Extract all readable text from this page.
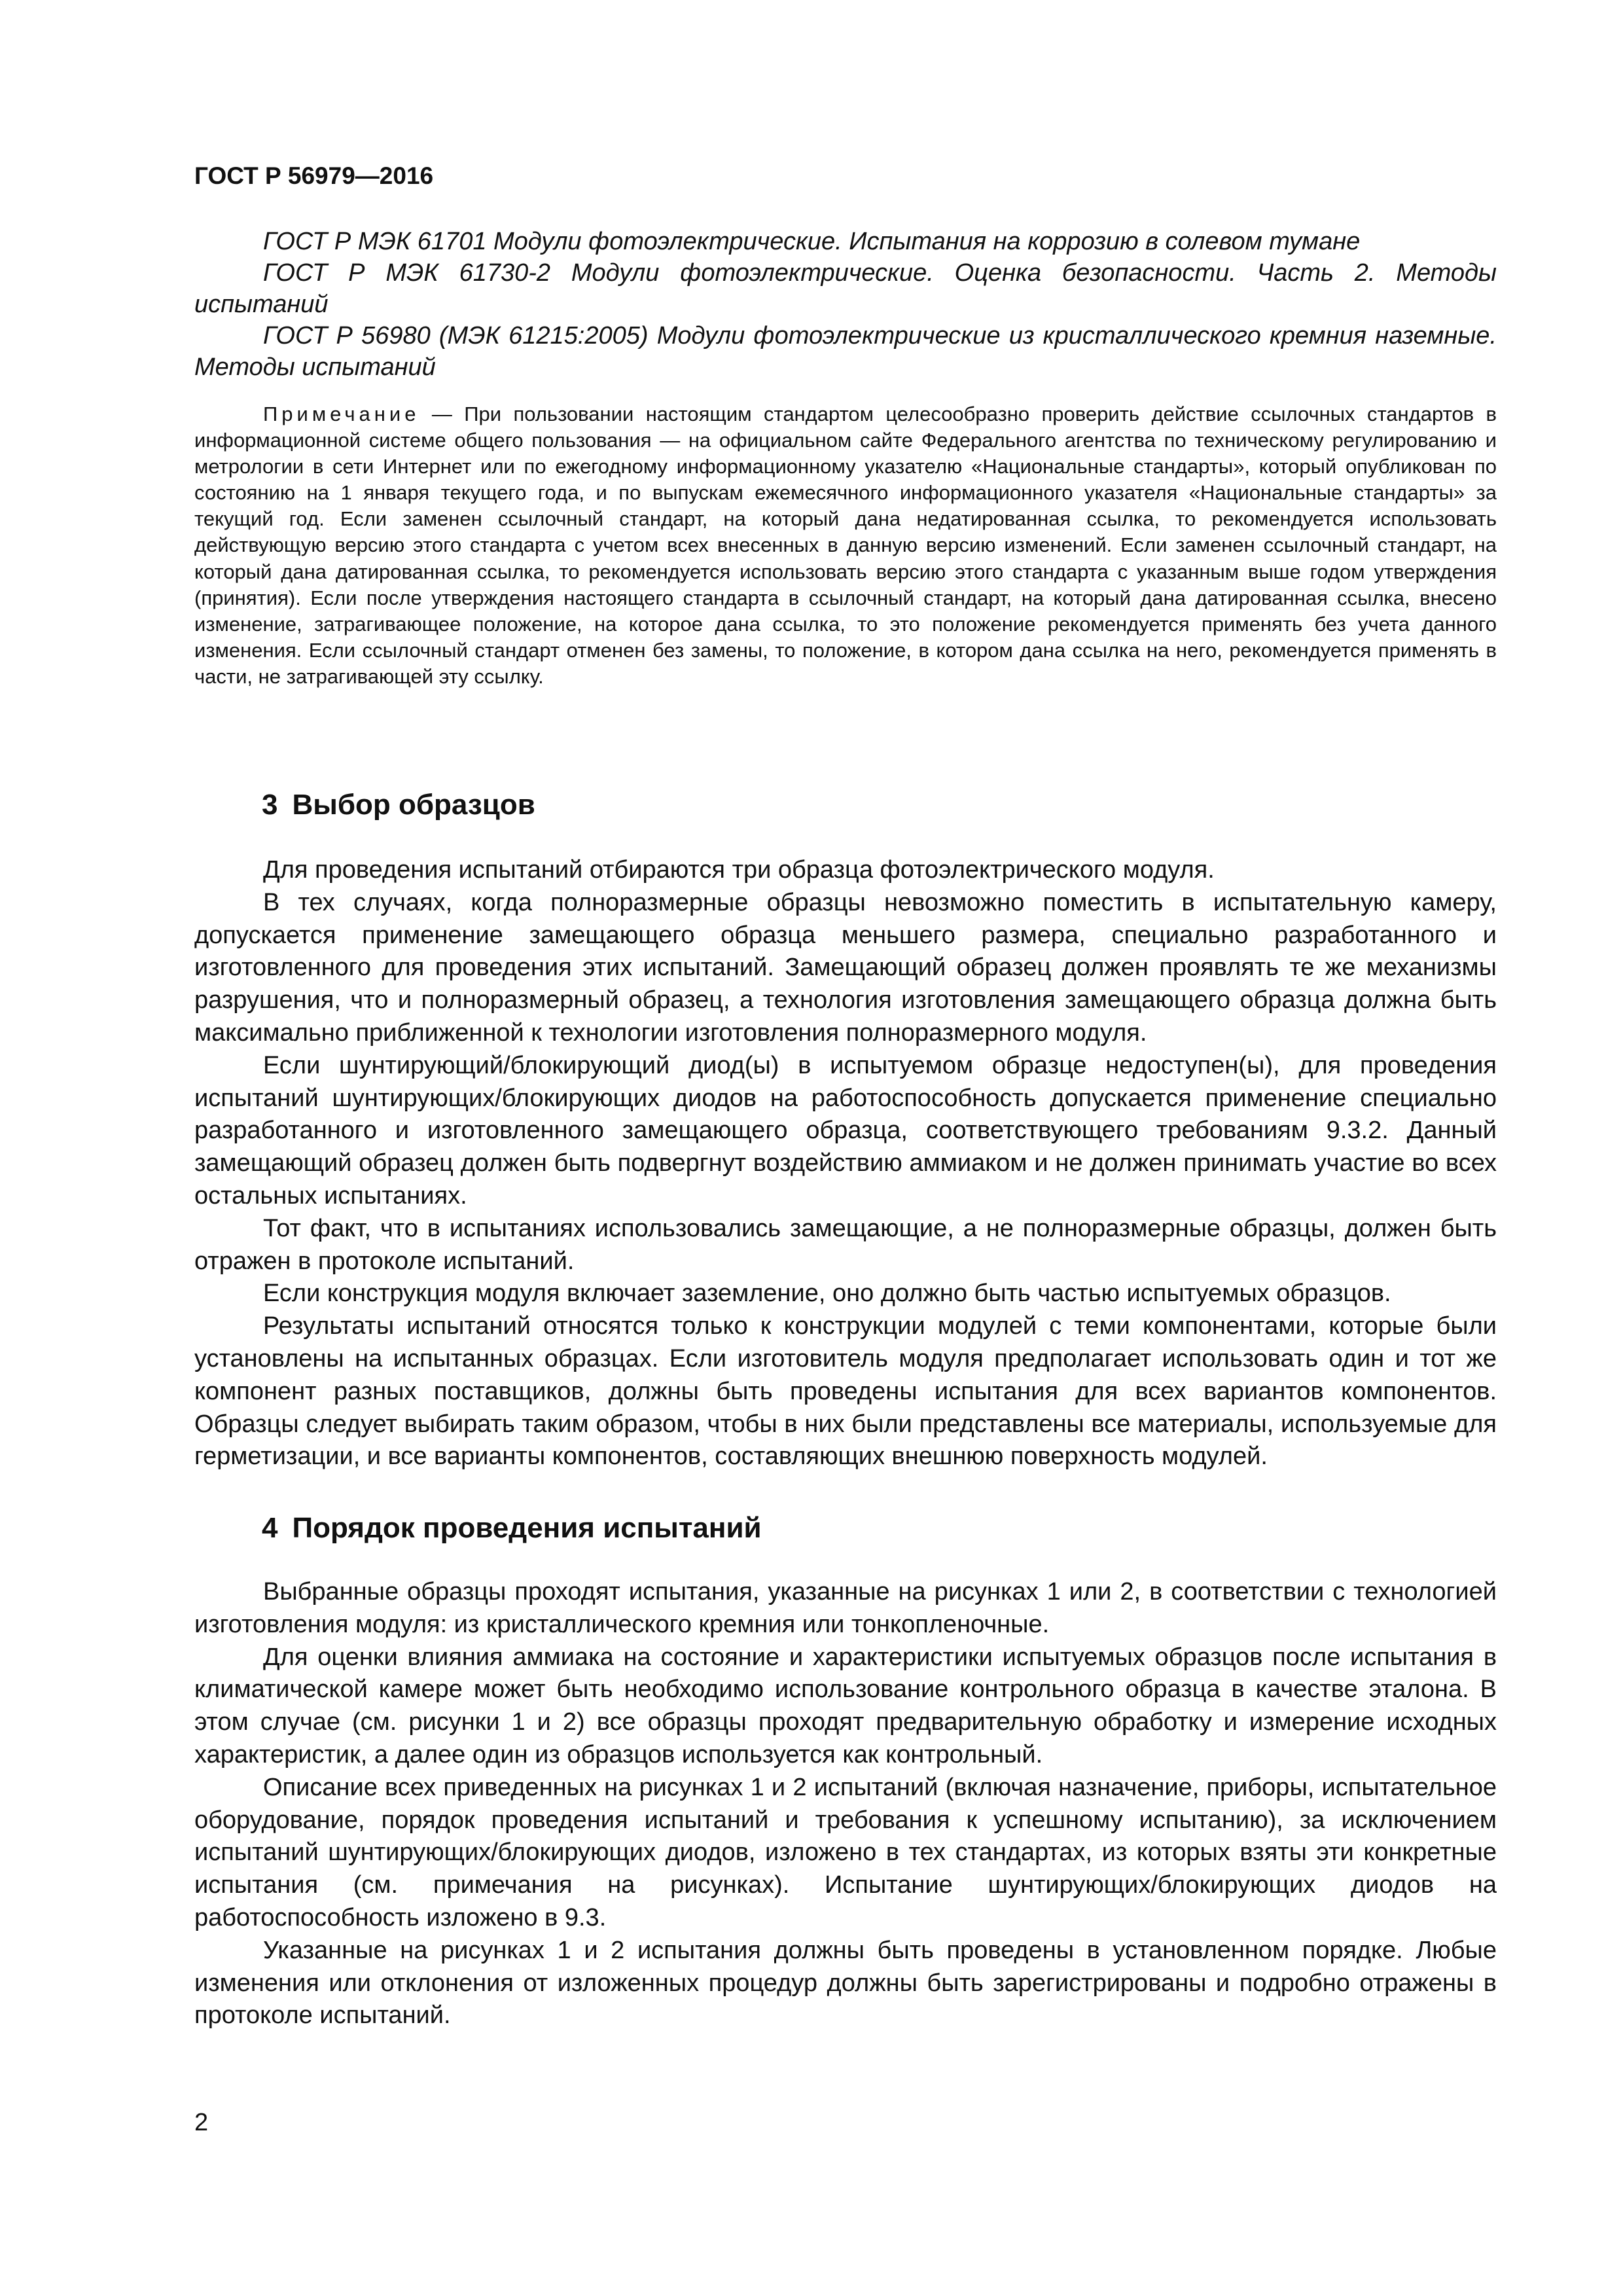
ГОСТ Р 56979—2016

ГОСТ Р МЭК 61701 Модули фотоэлектрические. Испытания на коррозию в солевом тумане

ГОСТ Р МЭК 61730-2 Модули фотоэлектрические. Оценка безопасности. Часть 2. Методы испытаний

ГОСТ Р 56980 (МЭК 61215:2005) Модули фотоэлектрические из кристаллического кремния наземные. Методы испытаний

Примечание — При пользовании настоящим стандартом целесообразно проверить действие ссылочных стандартов в информационной системе общего пользования — на официальном сайте Федерального агентства по техническому регулированию и метрологии в сети Интернет или по ежегодному информационному указателю «Национальные стандарты», который опубликован по состоянию на 1 января текущего года, и по выпускам ежемесячного информационного указателя «Национальные стандарты» за текущий год. Если заменен ссылочный стандарт, на который дана недатированная ссылка, то рекомендуется использовать действующую версию этого стандарта с учетом всех внесенных в данную версию изменений. Если заменен ссылочный стандарт, на который дана датированная ссылка, то рекомендуется использовать версию этого стандарта с указанным выше годом утверждения (принятия). Если после утверждения настоящего стандарта в ссылочный стандарт, на который дана датированная ссылка, внесено изменение, затрагивающее положение, на которое дана ссылка, то это положение рекомендуется применять без учета данного изменения. Если ссылочный стандарт отменен без замены, то положение, в котором дана ссылка на него, рекомендуется применять в части, не затрагивающей эту ссылку.

3 Выбор образцов

Для проведения испытаний отбираются три образца фотоэлектрического модуля.

В тех случаях, когда полноразмерные образцы невозможно поместить в испытательную камеру, допускается применение замещающего образца меньшего размера, специально разработанного и изготовленного для проведения этих испытаний. Замещающий образец должен проявлять те же механизмы разрушения, что и полноразмерный образец, а технология изготовления замещающего образца должна быть максимально приближенной к технологии изготовления полноразмерного модуля.

Если шунтирующий/блокирующий диод(ы) в испытуемом образце недоступен(ы), для проведения испытаний шунтирующих/блокирующих диодов на работоспособность допускается применение специально разработанного и изготовленного замещающего образца, соответствующего требованиям 9.3.2. Данный замещающий образец должен быть подвергнут воздействию аммиаком и не должен принимать участие во всех остальных испытаниях.

Тот факт, что в испытаниях использовались замещающие, а не полноразмерные образцы, должен быть отражен в протоколе испытаний.

Если конструкция модуля включает заземление, оно должно быть частью испытуемых образцов.

Результаты испытаний относятся только к конструкции модулей с теми компонентами, которые были установлены на испытанных образцах. Если изготовитель модуля предполагает использовать один и тот же компонент разных поставщиков, должны быть проведены испытания для всех вариантов компонентов. Образцы следует выбирать таким образом, чтобы в них были представлены все материалы, используемые для герметизации, и все варианты компонентов, составляющих внешнюю поверхность модулей.

4 Порядок проведения испытаний

Выбранные образцы проходят испытания, указанные на рисунках 1 или 2, в соответствии с технологией изготовления модуля: из кристаллического кремния или тонкопленочные.

Для оценки влияния аммиака на состояние и характеристики испытуемых образцов после испытания в климатической камере может быть необходимо использование контрольного образца в качестве эталона. В этом случае (см. рисунки 1 и 2) все образцы проходят предварительную обработку и измерение исходных характеристик, а далее один из образцов используется как контрольный.

Описание всех приведенных на рисунках 1 и 2 испытаний (включая назначение, приборы, испытательное оборудование, порядок проведения испытаний и требования к успешному испытанию), за исключением испытаний шунтирующих/блокирующих диодов, изложено в тех стандартах, из которых взяты эти конкретные испытания (см. примечания на рисунках). Испытание шунтирующих/блокирующих диодов на работоспособность изложено в 9.3.

Указанные на рисунках 1 и 2 испытания должны быть проведены в установленном порядке. Любые изменения или отклонения от изложенных процедур должны быть зарегистрированы и подробно отражены в протоколе испытаний.

2
